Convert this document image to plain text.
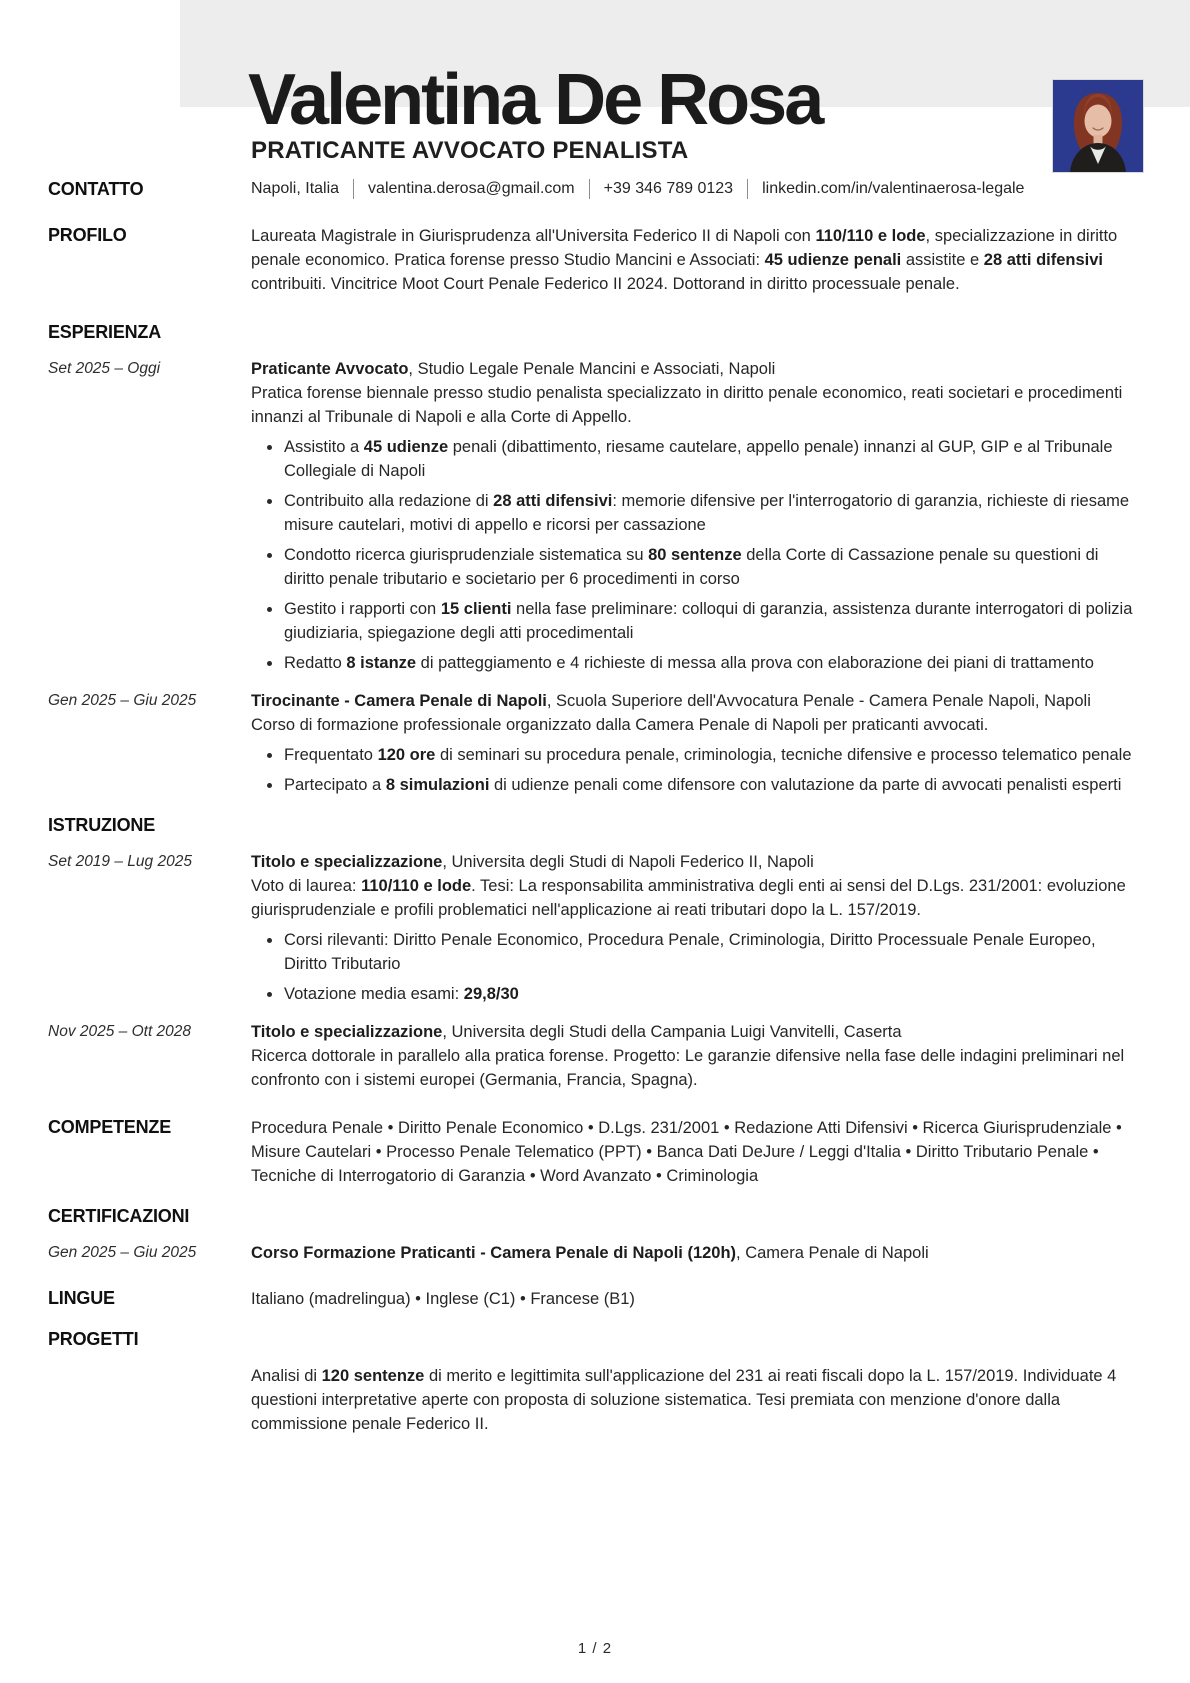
Valentina De Rosa
PRATICANTE AVVOCATO PENALISTA
CONTATTO	Napoli, Italia valentina.derosa@gmail.com +39 346 789 0123 linkedin.com/in/valentinaerosa-legale
PROFILO	Laureata Magistrale in Giurisprudenza all'Universita Federico II di Napoli con 110/110 e lode, specializzazione in diritto penale economico. Pratica forense presso Studio Mancini e Associati: 45 udienze penali assistite e 28 atti difensivi contribuiti. Vincitrice Moot Court Penale Federico II 2024. Dottorand in diritto processuale penale.
ESPERIENZA
Set 2025 – Oggi	Praticante Avvocato, Studio Legale Penale Mancini e Associati, Napoli
Pratica forense biennale presso studio penalista specializzato in diritto penale economico, reati societari e procedimenti innanzi al Tribunale di Napoli e alla Corte di Appello.
Assistito a 45 udienze penali (dibattimento, riesame cautelare, appello penale) innanzi al GUP, GIP e al Tribunale Collegiale di Napoli
Contribuito alla redazione di 28 atti difensivi: memorie difensive per l'interrogatorio di garanzia, richieste di riesame misure cautelari, motivi di appello e ricorsi per cassazione
Condotto ricerca giurisprudenziale sistematica su 80 sentenze della Corte di Cassazione penale su questioni di diritto penale tributario e societario per 6 procedimenti in corso
Gestito i rapporti con 15 clienti nella fase preliminare: colloqui di garanzia, assistenza durante interrogatori di polizia giudiziaria, spiegazione degli atti procedimentali
Redatto 8 istanze di patteggiamento e 4 richieste di messa alla prova con elaborazione dei piani di trattamento
Gen 2025 – Giu 2025	Tirocinante - Camera Penale di Napoli, Scuola Superiore dell'Avvocatura Penale - Camera Penale Napoli, Napoli
Corso di formazione professionale organizzato dalla Camera Penale di Napoli per praticanti avvocati.
Frequentato 120 ore di seminari su procedura penale, criminologia, tecniche difensive e processo telematico penale
Partecipato a 8 simulazioni di udienze penali come difensore con valutazione da parte di avvocati penalisti esperti
ISTRUZIONE
Set 2019 – Lug 2025	Titolo e specializzazione, Universita degli Studi di Napoli Federico II, Napoli
Voto di laurea: 110/110 e lode. Tesi: La responsabilita amministrativa degli enti ai sensi del D.Lgs. 231/2001: evoluzione giurisprudenziale e profili problematici nell'applicazione ai reati tributari dopo la L. 157/2019.
Corsi rilevanti: Diritto Penale Economico, Procedura Penale, Criminologia, Diritto Processuale Penale Europeo, Diritto Tributario
Votazione media esami: 29,8/30
Nov 2025 – Ott 2028	Titolo e specializzazione, Universita degli Studi della Campania Luigi Vanvitelli, Caserta
Ricerca dottorale in parallelo alla pratica forense. Progetto: Le garanzie difensive nella fase delle indagini preliminari nel confronto con i sistemi europei (Germania, Francia, Spagna).
COMPETENZE	Procedura Penale • Diritto Penale Economico • D.Lgs. 231/2001 • Redazione Atti Difensivi • Ricerca Giurisprudenziale • Misure Cautelari • Processo Penale Telematico (PPT) • Banca Dati DeJure / Leggi d'Italia • Diritto Tributario Penale • Tecniche di Interrogatorio di Garanzia • Word Avanzato • Criminologia
CERTIFICAZIONI
Gen 2025 – Giu 2025	Corso Formazione Praticanti - Camera Penale di Napoli (120h), Camera Penale di Napoli
LINGUE	Italiano (madrelingua) • Inglese (C1) • Francese (B1)
PROGETTI
Analisi di 120 sentenze di merito e legittimita sull'applicazione del 231 ai reati fiscali dopo la L. 157/2019. Individuate 4 questioni interpretative aperte con proposta di soluzione sistematica. Tesi premiata con menzione d'onore dalla commissione penale Federico II.
1 / 2
